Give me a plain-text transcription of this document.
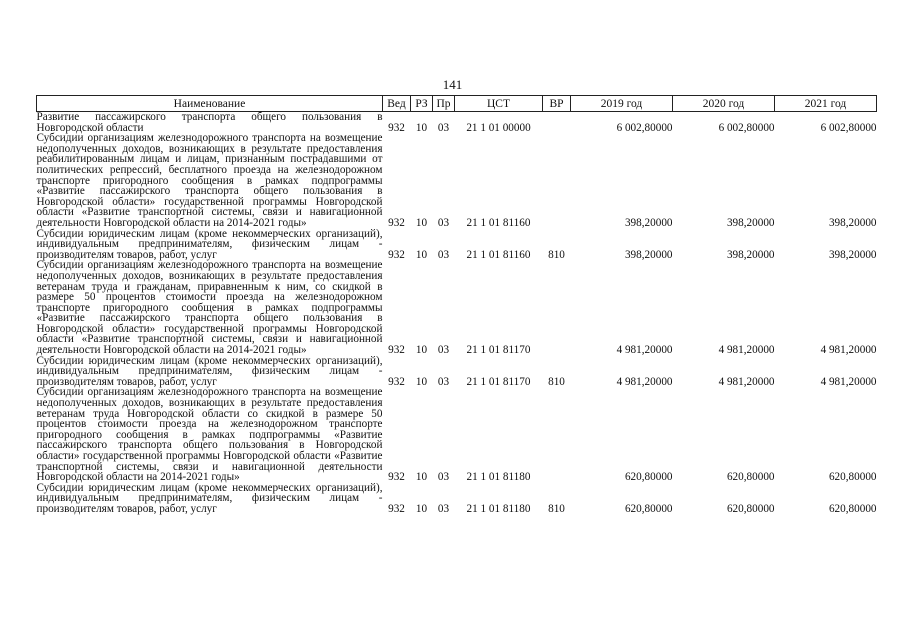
141
Наименование	Вед	РЗ	Пр	ЦСТ	ВР	2019 год	2020 год	2021 год
Развитие пассажирского транспорта общего пользования в Новгородской области	932	10	03	21 1 01 00000		6 002,80000	6 002,80000	6 002,80000
Субсидии организациям железнодорожного транспорта на возмещение недополученных доходов, возникающих в результате предоставления реабилитированным лицам и лицам, признанным пострадавшими от политических репрессий, бесплатного проезда на железнодорожном транспорте пригородного сообщения в рамках подпрограммы «Развитие пассажирского транспорта общего пользования в Новгородской области» государственной программы Новгородской области «Развитие транспортной системы, связи и навигационной деятельности Новгородской области на 2014-2021 годы»	932	10	03	21 1 01 81160		398,20000	398,20000	398,20000
Субсидии юридическим лицам (кроме некоммерческих организаций), индивидуальным предпринимателям, физическим лицам - производителям товаров, работ, услуг	932	10	03	21 1 01 81160	810	398,20000	398,20000	398,20000
Субсидии организациям железнодорожного транспорта на возмещение недополученных доходов, возникающих в результате предоставления ветеранам труда и гражданам, приравненным к ним, со скидкой в размере 50 процентов стоимости проезда на железнодорожном транспорте пригородного сообщения в рамках подпрограммы «Развитие пассажирского транспорта общего пользования в Новгородской области» государственной программы Новгородской области «Развитие транспортной системы, связи и навигационной деятельности Новгородской области на 2014-2021 годы»	932	10	03	21 1 01 81170		4 981,20000	4 981,20000	4 981,20000
Субсидии юридическим лицам (кроме некоммерческих организаций), индивидуальным предпринимателям, физическим лицам - производителям товаров, работ, услуг	932	10	03	21 1 01 81170	810	4 981,20000	4 981,20000	4 981,20000
Субсидии организациям железнодорожного транспорта на возмещение недополученных доходов, возникающих в результате предоставления ветеранам труда Новгородской области со скидкой в размере 50 процентов стоимости проезда на железнодорожном транспорте пригородного сообщения в рамках подпрограммы «Развитие пассажирского транспорта общего пользования в Новгородской области» государственной программы Новгородской области «Развитие транспортной системы, связи и навигационной деятельности Новгородской области на 2014-2021 годы»	932	10	03	21 1 01 81180		620,80000	620,80000	620,80000
Субсидии юридическим лицам (кроме некоммерческих организаций), индивидуальным предпринимателям, физическим лицам - производителям товаров, работ, услуг	932	10	03	21 1 01 81180	810	620,80000	620,80000	620,80000
